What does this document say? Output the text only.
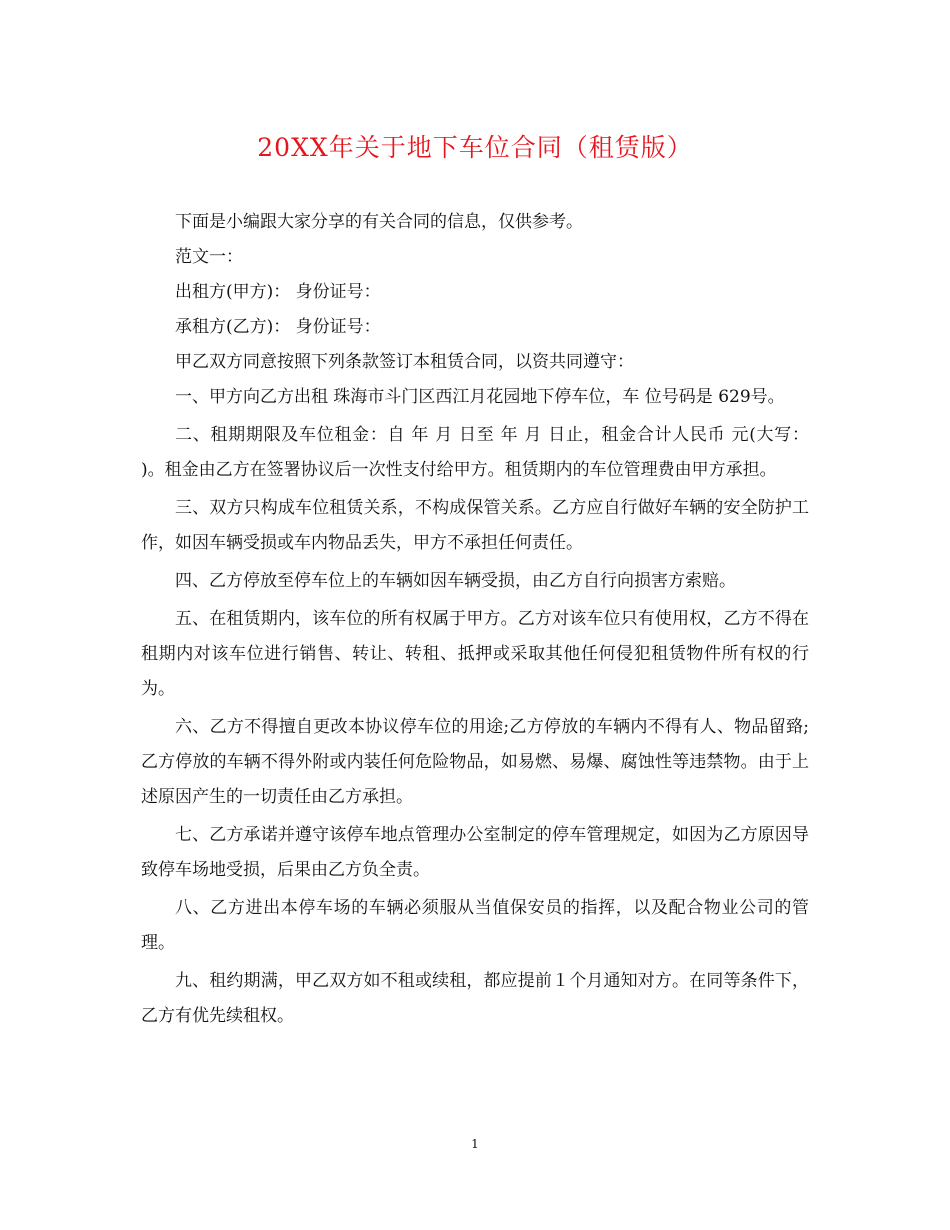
20XX年关于地下车位合同（租赁版）

下面是小编跟大家分享的有关合同的信息，仅供参考。

范文一：

出租方(甲方)： 身份证号：

承租方(乙方)： 身份证号：

甲乙双方同意按照下列条款签订本租赁合同，以资共同遵守：

一、甲方向乙方出租 珠海市斗门区西江月花园地下停车位，车 位号码是 629号。

二、租期期限及车位租金：自 年 月 日至 年 月 日止，租金合计人民币 元(大写： )。租金由乙方在签署协议后一次性支付给甲方。租赁期内的车位管理费由甲方承担。

三、双方只构成车位租赁关系，不构成保管关系。乙方应自行做好车辆的安全防护工作，如因车辆受损或车内物品丢失，甲方不承担任何责任。

四、乙方停放至停车位上的车辆如因车辆受损，由乙方自行向损害方索赔。

五、在租赁期内，该车位的所有权属于甲方。乙方对该车位只有使用权，乙方不得在租期内对该车位进行销售、转让、转租、抵押或采取其他任何侵犯租赁物件所有权的行为。

六、乙方不得擅自更改本协议停车位的用途;乙方停放的车辆内不得有人、物品留臵;乙方停放的车辆不得外附或内装任何危险物品，如易燃、易爆、腐蚀性等违禁物。由于上述原因产生的一切责任由乙方承担。

七、乙方承诺并遵守该停车地点管理办公室制定的停车管理规定，如因为乙方原因导致停车场地受损，后果由乙方负全责。

八、乙方进出本停车场的车辆必须服从当值保安员的指挥，以及配合物业公司的管理。

九、租约期满，甲乙双方如不租或续租，都应提前１个月通知对方。在同等条件下，乙方有优先续租权。

1
